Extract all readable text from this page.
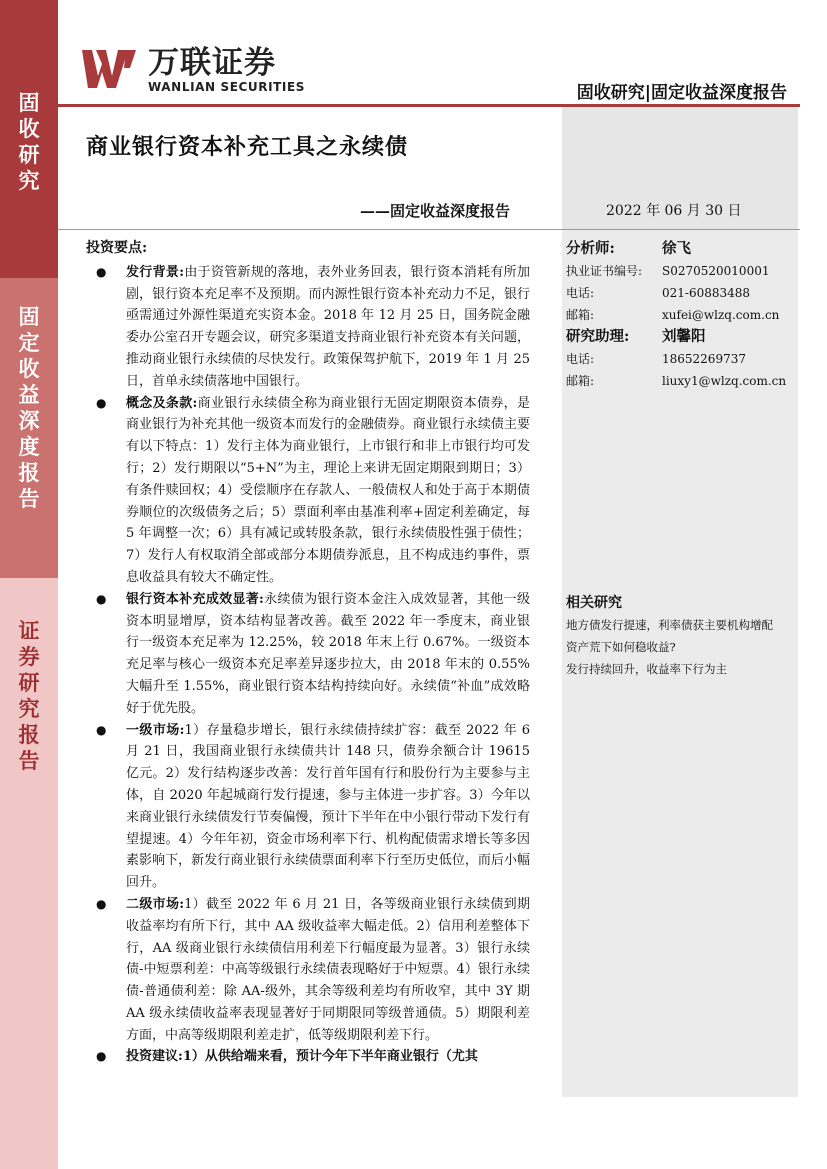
固
收
研
究
固
定
收
益
深
度
报
告
证
券
研
究
报
告
万联证券
WANLIAN SECURITIES	固收研究|固定收益深度报告
商业银行资本补充工具之永续债
——固定收益深度报告	2022 年 06 月 30 日
投资要点:

● 发行背景:由于资管新规的落地，表外业务回表，银行资本消耗有所加剧，银行资本充足率不及预期。而内源性银行资本补充动力不足，银行亟需通过外源性渠道充实资本金。2018 年 12 月 25 日，国务院金融委办公室召开专题会议，研究多渠道支持商业银行补充资本有关问题，推动商业银行永续债的尽快发行。政策保驾护航下，2019 年 1 月 25 日，首单永续债落地中国银行。

● 概念及条款:商业银行永续债全称为商业银行无固定期限资本债券，是商业银行为补充其他一级资本而发行的金融债券。商业银行永续债主要有以下特点：1）发行主体为商业银行，上市银行和非上市银行均可发行；2）发行期限以“5+N”为主，理论上来讲无固定期限到期日；3）有条件赎回权；4）受偿顺序在存款人、一般债权人和处于高于本期债券顺位的次级债务之后；5）票面利率由基准利率+固定利差确定，每 5 年调整一次；6）具有减记或转股条款，银行永续债股性强于债性；7）发行人有权取消全部或部分本期债券派息，且不构成违约事件，票息收益具有较大不确定性。

● 银行资本补充成效显著:永续债为银行资本金注入成效显著，其他一级资本明显增厚，资本结构显著改善。截至 2022 年一季度末，商业银行一级资本充足率为 12.25%，较 2018 年末上行 0.67%。一级资本充足率与核心一级资本充足率差异逐步拉大，由 2018 年末的 0.55%大幅升至 1.55%，商业银行资本结构持续向好。永续债“补血”成效略好于优先股。

● 一级市场:1）存量稳步增长，银行永续债持续扩容：截至 2022 年 6 月 21 日，我国商业银行永续债共计 148 只，债券余额合计 19615 亿元。2）发行结构逐步改善：发行首年国有行和股份行为主要参与主体，自 2020 年起城商行发行提速，参与主体进一步扩容。3）今年以来商业银行永续债发行节奏偏慢，预计下半年在中小银行带动下发行有望提速。4）今年年初，资金市场利率下行、机构配债需求增长等多因素影响下，新发行商业银行永续债票面利率下行至历史低位，而后小幅回升。

● 二级市场:1）截至 2022 年 6 月 21 日，各等级商业银行永续债到期收益率均有所下行，其中 AA 级收益率大幅走低。2）信用利差整体下行，AA 级商业银行永续债信用利差下行幅度最为显著。3）银行永续债-中短票利差：中高等级银行永续债表现略好于中短票。4）银行永续债-普通债利差：除 AA-级外，其余等级利差均有所收窄，其中 3Y 期 AA 级永续债收益率表现显著好于同期限同等级普通债。5）期限利差方面，中高等级期限利差走扩，低等级期限利差下行。

● 投资建议:1）从供给端来看，预计今年下半年商业银行（尤其

分析师:	徐飞
执业证书编号:	S0270520010001
电话:	021-60883488
邮箱:	xufei@wlzq.com.cn
研究助理:	刘馨阳
电话:	18652269737
邮箱:	liuxy1@wlzq.com.cn
相关研究

地方债发行提速，利率债获主要机构增配

资产荒下如何稳收益?

发行持续回升，收益率下行为主
